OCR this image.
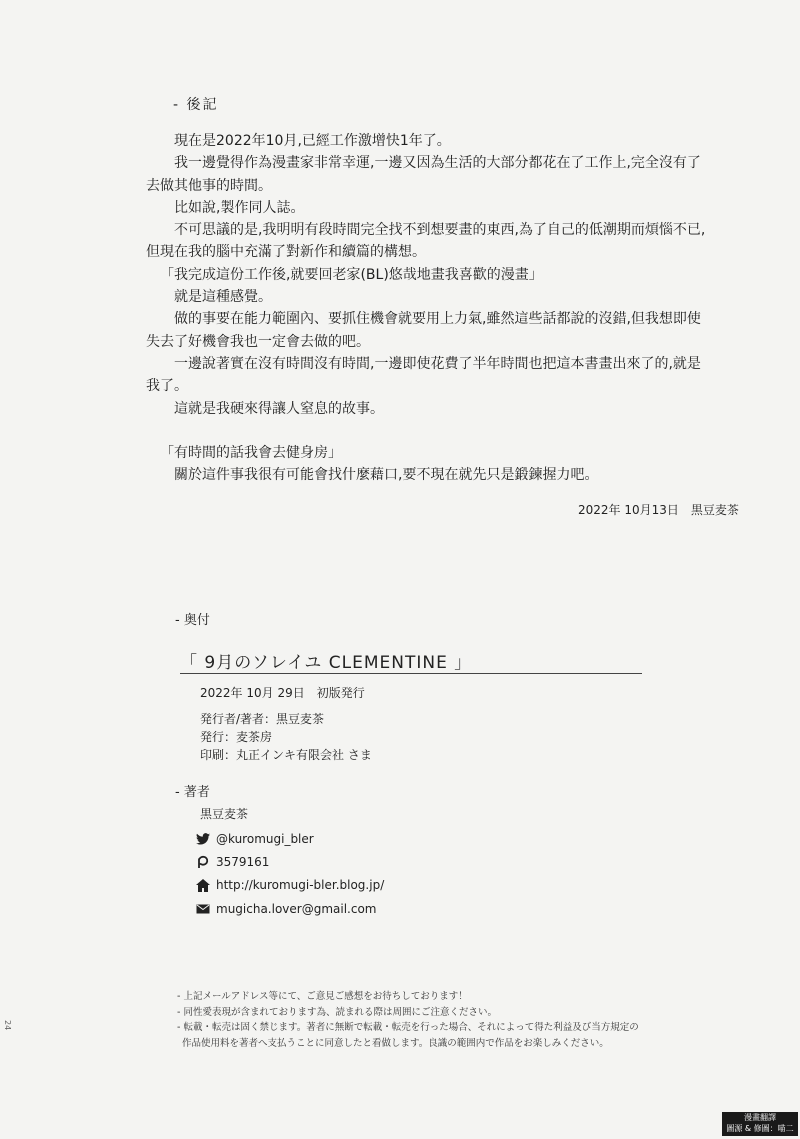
- 後記

現在是2022年10月,已經工作激增快1年了。

我一邊覺得作為漫畫家非常幸運,一邊又因為生活的大部分都花在了工作上,完全沒有了去做其他事的時間。

比如說,製作同人誌。

不可思議的是,我明明有段時間完全找不到想要畫的東西,為了自己的低潮期而煩惱不已,但現在我的腦中充滿了對新作和續篇的構想。

「我完成這份工作後,就要回老家(BL)悠哉地畫我喜歡的漫畫」

就是這種感覺。

做的事要在能力範圍內、要抓住機會就要用上力氣,雖然這些話都說的沒錯,但我想即使失去了好機會我也一定會去做的吧。

一邊說著實在沒有時間沒有時間,一邊即使花費了半年時間也把這本書畫出來了的,就是我了。

這就是我硬來得讓人窒息的故事。

「有時間的話我會去健身房」

關於這件事我很有可能會找什麼藉口,要不現在就先只是鍛鍊握力吧。

2022年 10月13日　黒豆麦茶
- 奥付
「 9月のソレイユ CLEMENTINE 」
2022年 10月 29日　初版発行
発行者/著者：黒豆麦茶
発行：麦茶房
印刷：丸正インキ有限会社 さま
- 著者
黒豆麦茶
@kuromugi_bler
3579161
http://kuromugi-bler.blog.jp/
mugicha.lover@gmail.com

- 上記メールアドレス等にて、ご意見ご感想をお待ちしております！

- 同性愛表現が含まれております為、読まれる際は周囲にご注意ください。

- 転載・転売は固く禁じます。著者に無断で転載・転売を行った場合、それによって得た利益及び当方規定の

作品使用料を著者へ支払うことに同意したと看做します。良識の範囲内で作品をお楽しみください。

24
漫畫翻譯
圖源 & 修圖：喵二
